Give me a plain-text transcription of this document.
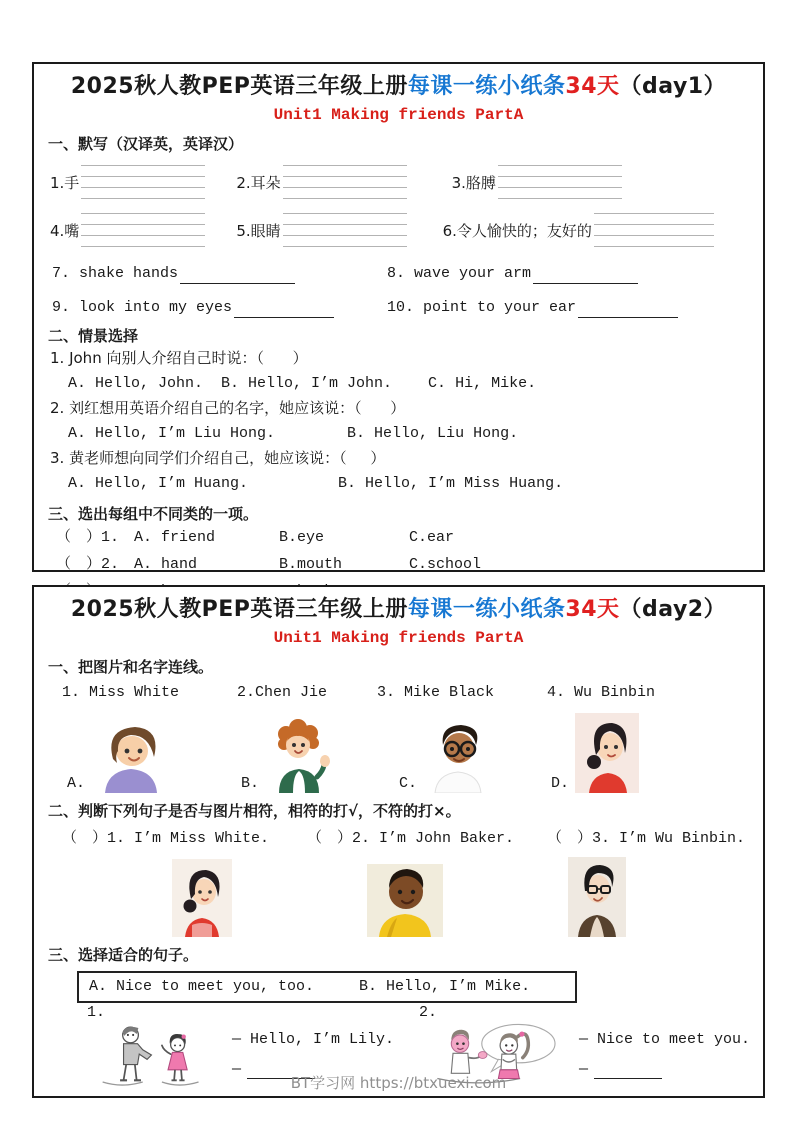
2025秋人教PEP英语三年级上册每课一练小纸条34天（day1）
Unit1 Making friends PartA
一、默写（汉译英，英译汉）
1.手	2.耳朵	3.胳膊
4.嘴	5.眼睛	6.令人愉快的；友好的
7. shake hands	8. wave your arm
9. look into my eyes	10. point to your ear
二、情景选择
1. John 向别人介绍自己时说：（      ）
A. Hello, John.  B. Hello, I’m John.    C. Hi, Mike.
2. 刘红想用英语介绍自己的名字，她应该说：（      ）
A. Hello, I’m Liu Hong.        B. Hello, Liu Hong.
3. 黄老师想向同学们介绍自己，她应该说：（     ）
A. Hello, I’m Huang.          B. Hello, I’m Miss Huang.
三、选出每组中不同类的一项。
（　）1. A. friend	B.eye	C.ear
（　）2. A. hand	B.mouth	C.school
2025秋人教PEP英语三年级上册每课一练小纸条34天（day2）
Unit1 Making friends PartA
一、把图片和名字连线。
1. Miss White	2.Chen Jie	3. Mike Black	4. Wu Binbin
A.	B.	C.	D.
二、判断下列句子是否与图片相符，相符的打√，不符的打×。
（　）1. I’m Miss White.	（　）2. I’m John Baker.	（　）3. I’m Wu Binbin.
三、选择适合的句子。
A. Nice to meet you, too.     B. Hello, I’m Mike.
1.
— Hello, I’m Lily.
—
2.
— Nice to meet you.
—
BT学习网 https://btxuexi.com
